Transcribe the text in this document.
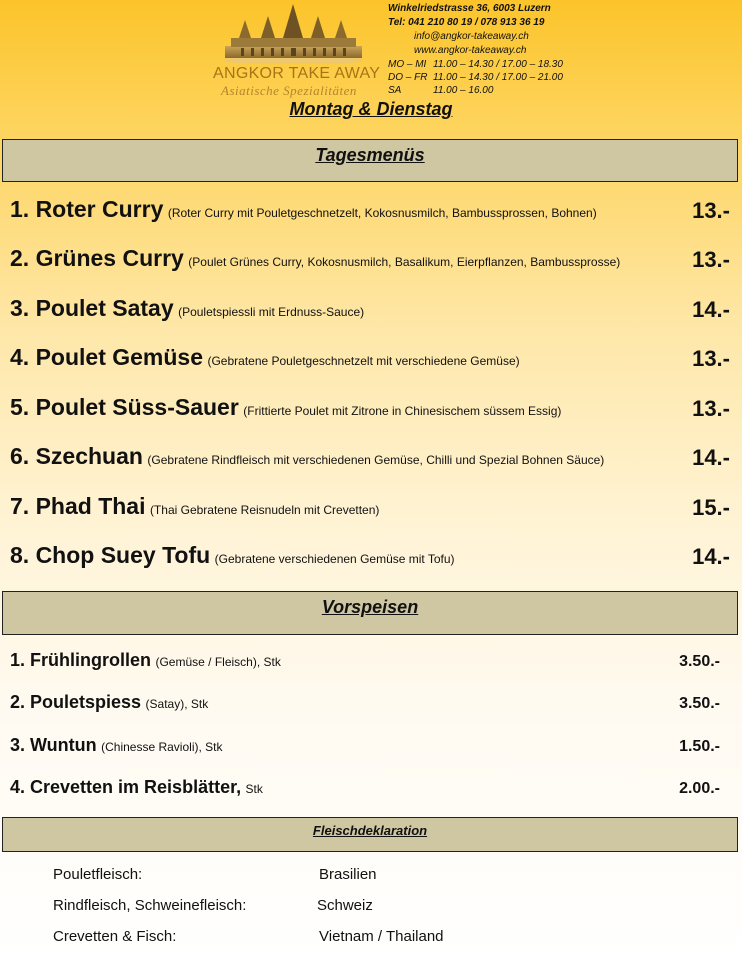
ANGKOR TAKE AWAY
Asiatische Spezialitäten
Winkelriedstrasse 36, 6003 Luzern
Tel: 041 210 80 19 / 078 913 36 19
info@angkor-takeaway.ch
www.angkor-takeaway.ch
MO – MI 11.00 – 14.30 / 17.00 – 18.30
DO – FR 11.00 – 14.30 / 17.00 – 21.00
SA	11.00 – 16.00
Montag & Dienstag
Tagesmenüs
1. Roter Curry (Roter Curry mit Pouletgeschnetzelt, Kokosnusmilch, Bambussprossen, Bohnen)	13.-
2. Grünes Curry (Poulet Grünes Curry, Kokosnusmilch, Basalikum, Eierpflanzen, Bambussprosse)	13.-
3. Poulet Satay (Pouletspiessli mit Erdnuss-Sauce)	14.-
4. Poulet Gemüse (Gebratene Pouletgeschnetzelt mit verschiedene Gemüse)	13.-
5. Poulet Süss-Sauer (Frittierte Poulet mit Zitrone in Chinesischem süssem Essig)	13.-
6. Szechuan (Gebratene Rindfleisch mit verschiedenen Gemüse, Chilli und Spezial Bohnen Säuce)	14.-
7. Phad Thai (Thai Gebratene Reisnudeln mit Crevetten)	15.-
8. Chop Suey Tofu (Gebratene verschiedenen Gemüse mit Tofu)	14.-
Vorspeisen
1. Frühlingrollen (Gemüse / Fleisch), Stk	3.50.-
2. Pouletspiess (Satay), Stk	3.50.-
3. Wuntun (Chinesse Ravioli), Stk	1.50.-
4. Crevetten im Reisblätter, Stk	2.00.-
Fleischdeklaration
Pouletfleisch:	Brasilien
Rindfleisch, Schweinefleisch:	Schweiz
Crevetten & Fisch:	Vietnam / Thailand
